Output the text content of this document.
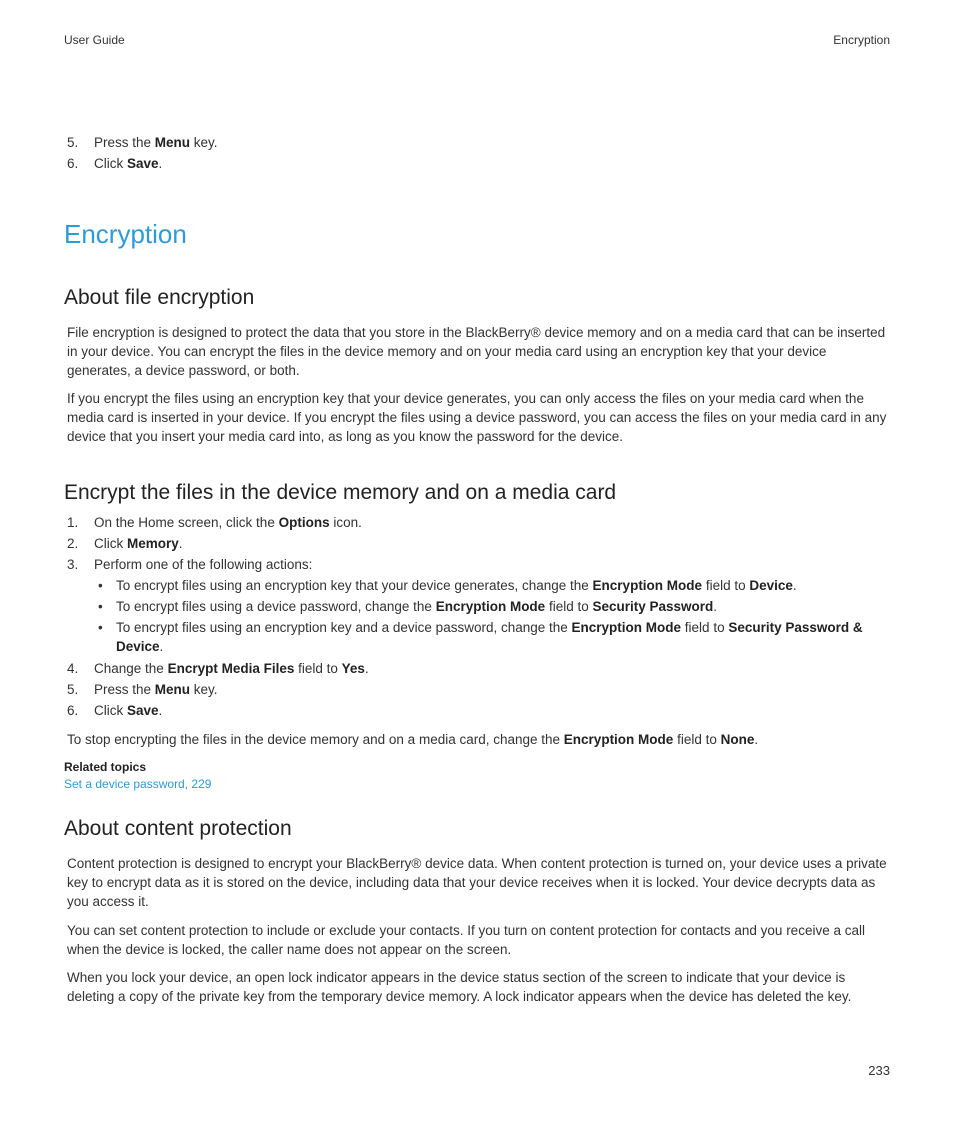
User Guide	Encryption
5. Press the Menu key.
6. Click Save.
Encryption
About file encryption

File encryption is designed to protect the data that you store in the BlackBerry® device memory and on a media card that can be inserted in your device. You can encrypt the files in the device memory and on your media card using an encryption key that your device generates, a device password, or both.

If you encrypt the files using an encryption key that your device generates, you can only access the files on your media card when the media card is inserted in your device. If you encrypt the files using a device password, you can access the files on your media card in any device that you insert your media card into, as long as you know the password for the device.

Encrypt the files in the device memory and on a media card
1. On the Home screen, click the Options icon.
2. Click Memory.
3. Perform one of the following actions:
• To encrypt files using an encryption key that your device generates, change the Encryption Mode field to Device.
• To encrypt files using a device password, change the Encryption Mode field to Security Password.
• To encrypt files using an encryption key and a device password, change the Encryption Mode field to Security Password & Device.
4. Change the Encrypt Media Files field to Yes.
5. Press the Menu key.
6. Click Save.

To stop encrypting the files in the device memory and on a media card, change the Encryption Mode field to None.

Related topics
Set a device password, 229
About content protection

Content protection is designed to encrypt your BlackBerry® device data. When content protection is turned on, your device uses a private key to encrypt data as it is stored on the device, including data that your device receives when it is locked. Your device decrypts data as you access it.

You can set content protection to include or exclude your contacts. If you turn on content protection for contacts and you receive a call when the device is locked, the caller name does not appear on the screen.

When you lock your device, an open lock indicator appears in the device status section of the screen to indicate that your device is deleting a copy of the private key from the temporary device memory. A lock indicator appears when the device has deleted the key.

233
